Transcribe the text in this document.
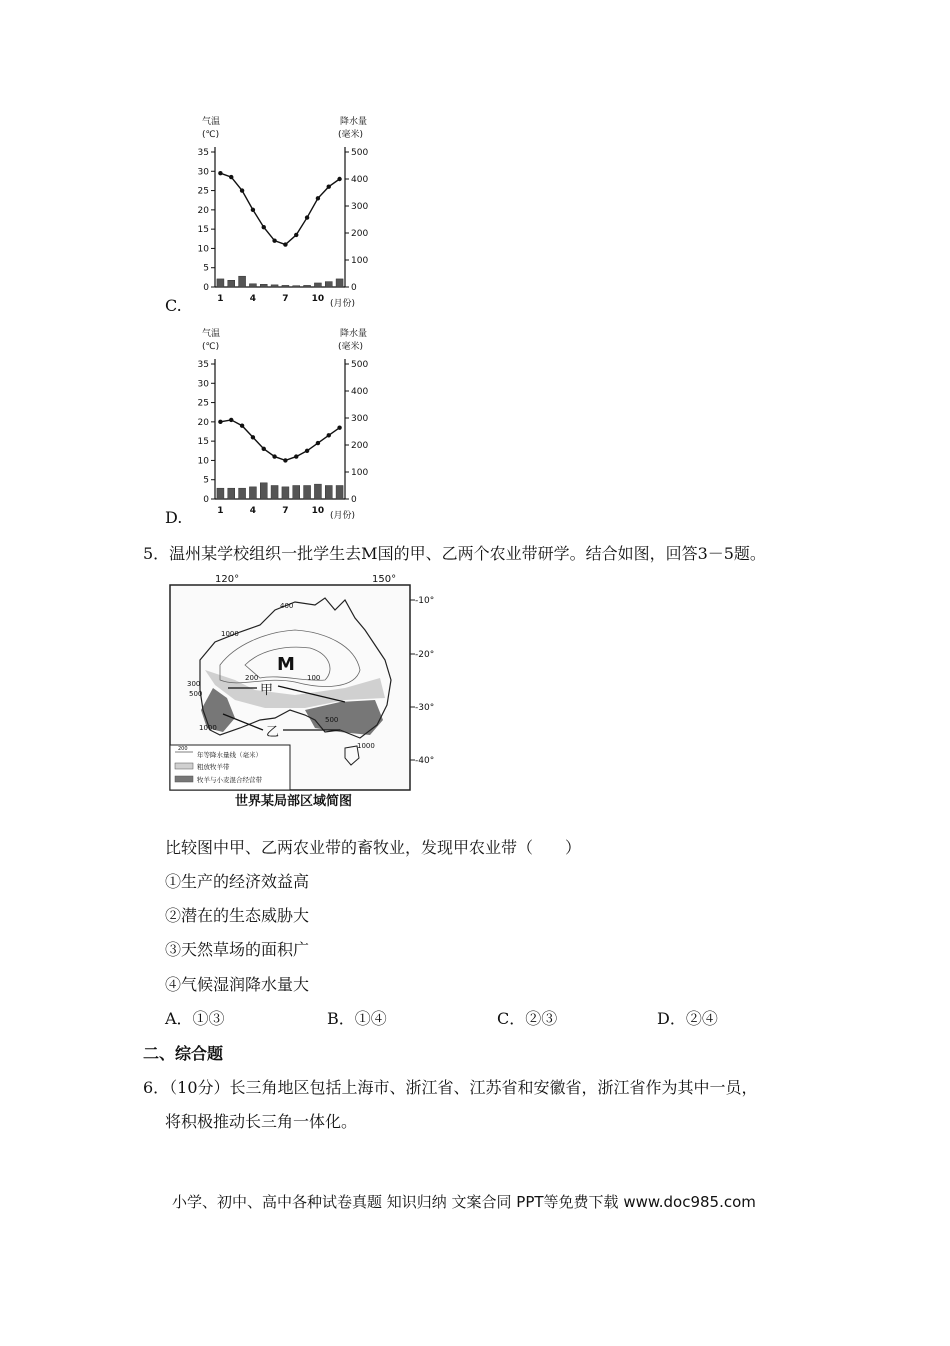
气温
(℃)
降水量
(毫米)
0
5
10
15
20
25
30
35
0
100
200
300
400
500
1	4	7	10 (月份)
C.
气温
(℃)
降水量
(毫米)
0
5
10
15
20
25
30
35
0
100
200
300
400
500
1	4	7	10 (月份)
D.
5．温州某学校组织一批学生去M国的甲、乙两个农业带研学。结合如图，回答3－5题。
120°	150°
-10°
-20°
-30°
-40°
M
甲
乙
400
1000
200	100
300
500
1000
500
1000
200
年等降水量线（毫米）
粗放牧羊带
牧羊与小麦混合经营带
世界某局部区域简图
比较图中甲、乙两农业带的畜牧业，发现甲农业带（　　）
①生产的经济效益高
②潜在的生态威胁大
③天然草场的面积广
④气候湿润降水量大
A．①③	B．①④	C．②③	D．②④
二、综合题
6．（10分）长三角地区包括上海市、浙江省、江苏省和安徽省，浙江省作为其中一员，
将积极推动长三角一体化。
小学、初中、高中各种试卷真题 知识归纳 文案合同 PPT等免费下载 www.doc985.com
